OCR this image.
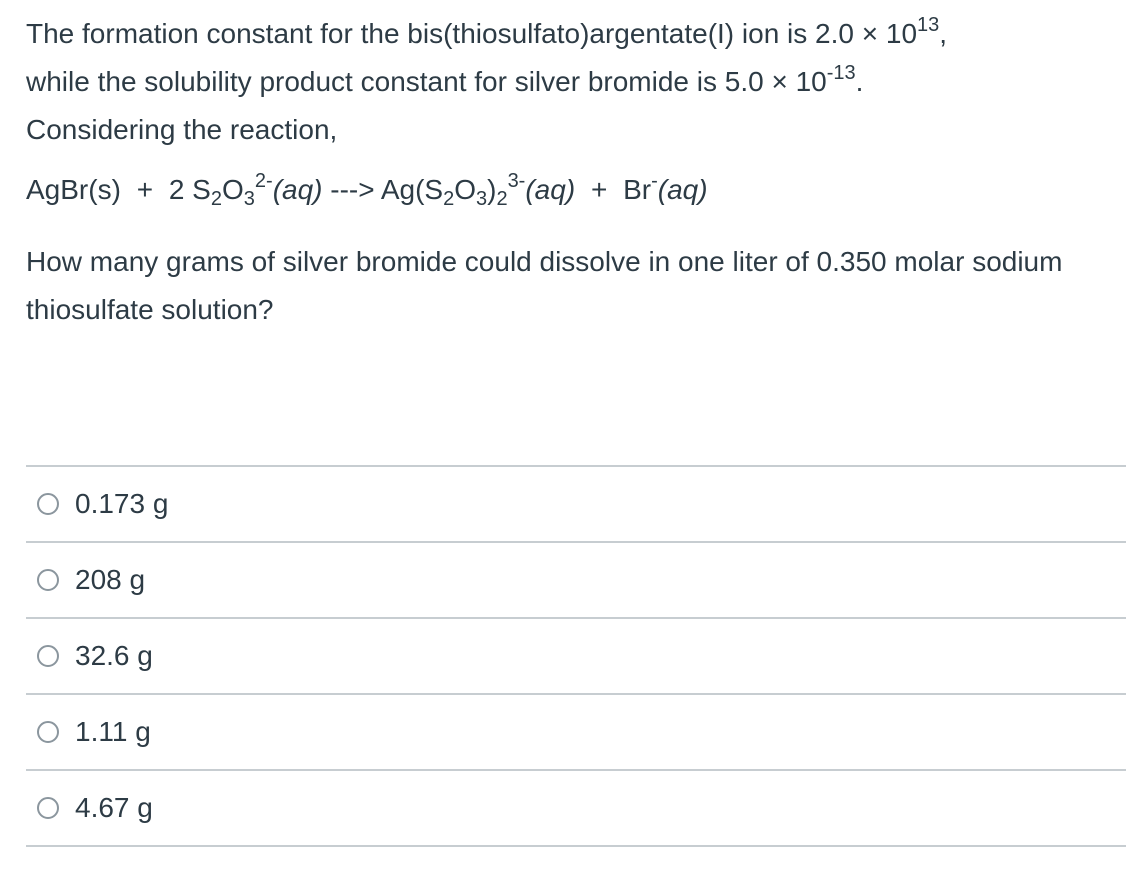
The formation constant for the bis(thiosulfato)argentate(I) ion is $2.0 \times 10^{13}$,
while the solubility product constant for silver bromide is $5.0 \times 10^{-13}$.
Considering the reaction,

AgBr(s) + 2 $S_2O_3^{2-}(aq)$ ---> $Ag(S_2O_3)_2^{3-}(aq) + Br^-(aq)$

How many grams of silver bromide could dissolve in one liter of 0.350 molar sodium thiosulfate solution?

0.173 g
208 g
32.6 g
1.11 g
4.67 g
